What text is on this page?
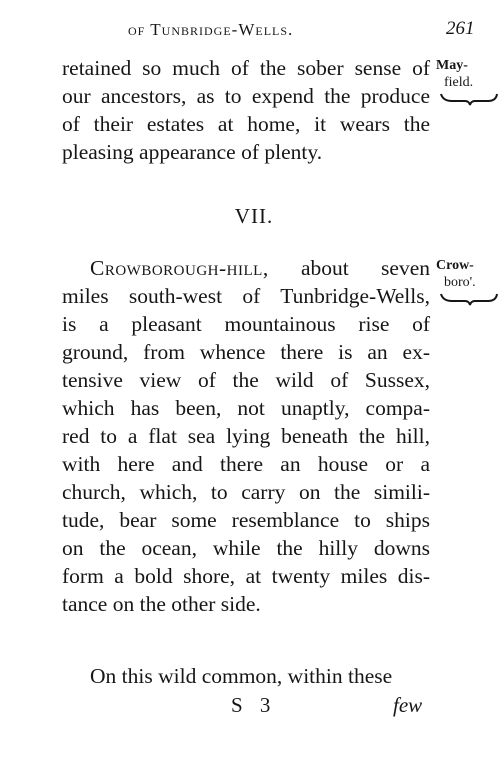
of Tunbridge-Wells.	261
retained so much of the sober sense of
our ancestors, as to expend the produce
of their estates at home, it wears the
pleasing appearance of plenty.
May-
field.
VII.
Crowborough-hill, about seven
miles south-west of Tunbridge-Wells,
is a pleasant mountainous rise of
ground, from whence there is an ex-
tensive view of the wild of Sussex,
which has been, not unaptly, compa-
red to a flat sea lying beneath the hill,
with here and there an house or a
church, which, to carry on the simili-
tude, bear some resemblance to ships
on the ocean, while the hilly downs
form a bold shore, at twenty miles dis-
tance on the other side.
Crow-
boro'.
On this wild common, within these
S 3	few
